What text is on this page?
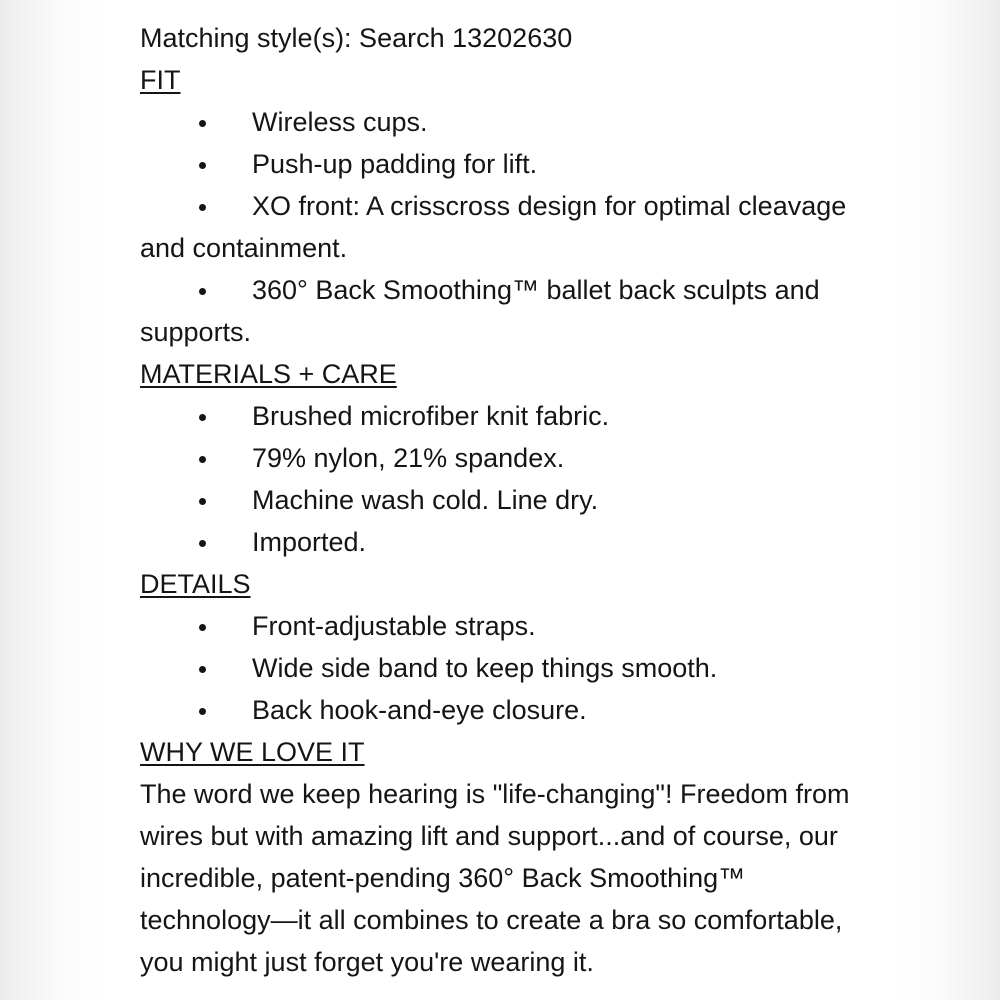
Matching style(s): Search 13202630

FIT

Wireless cups.
Push-up padding for lift.
XO front: A crisscross design for optimal cleavage and containment.
360° Back Smoothing™ ballet back sculpts and supports.

MATERIALS + CARE

Brushed microfiber knit fabric.
79% nylon, 21% spandex.
Machine wash cold. Line dry.
Imported.

DETAILS

Front-adjustable straps.
Wide side band to keep things smooth.
Back hook-and-eye closure.

WHY WE LOVE IT

The word we keep hearing is "life-changing"! Freedom from wires but with amazing lift and support...and of course, our incredible, patent-pending 360° Back Smoothing™ technology—it all combines to create a bra so comfortable, you might just forget you're wearing it.
